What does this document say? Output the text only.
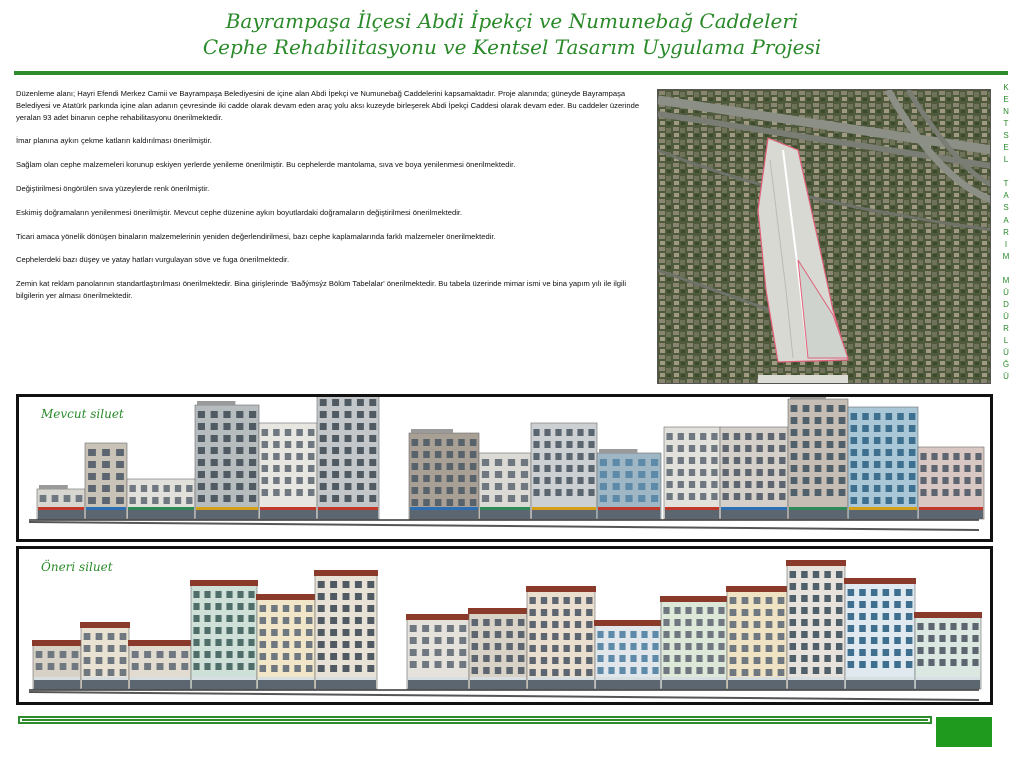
Bayrampaşa İlçesi Abdi İpekçi ve Numunebağ Caddeleri
Cephe Rehabilitasyonu ve Kentsel Tasarım Uygulama Projesi

Düzenleme alanı; Hayri Efendi Merkez Camii ve Bayrampaşa Belediyesini de içine alan Abdi İpekçi ve Numunebağ Caddelerini kapsamaktadır. Proje alanında; güneyde Bayrampaşa Belediyesi ve Atatürk parkında içine alan adanın çevresinde iki cadde olarak devam eden araç yolu aksı kuzeyde birleşerek Abdi İpekçi Caddesi olarak devam eder. Bu caddeler üzerinde yeralan 93 adet binanın cephe rehabilitasyonu önerilmektedir.

İmar planına aykırı çekme katların kaldırılması önerilmiştir.

Sağlam olan cephe malzemeleri korunup eskiyen yerlerde yenileme önerilmiştir. Bu cephelerde mantolama, sıva ve boya yenilenmesi önerilmektedir.

Değiştirilmesi öngörülen sıva yüzeylerde renk önerilmiştir.

Eskimiş doğramaların yenilenmesi önerilmiştir. Mevcut cephe düzenine aykırı boyutlardaki doğramaların değiştirilmesi önerilmektedir.

Ticari amaca yönelik dönüşen binaların malzemelerinin yeniden değerlendirilmesi, bazı cephe kaplamalarında farklı malzemeler önerilmektedir.

Cephelerdeki bazı düşey ve yatay hatları vurgulayan söve ve fuga önerilmektedir.

Zemin kat reklam panolarının standartlaştırılması önerilmektedir. Bina girişlerinde 'Baðýmsýz Bölüm Tabelalar' önerilmektedir. Bu tabela üzerinde mimar ismi ve bina yapım yılı ile ilgili bilgilerin yer alması önerilmektedir.

K
E
N
T
S
E
L
T
A
S
A
R
I
M
M
Ü
D
Ü
R
L
Ü
Ğ
Ü
Mevcut siluet
Öneri siluet
